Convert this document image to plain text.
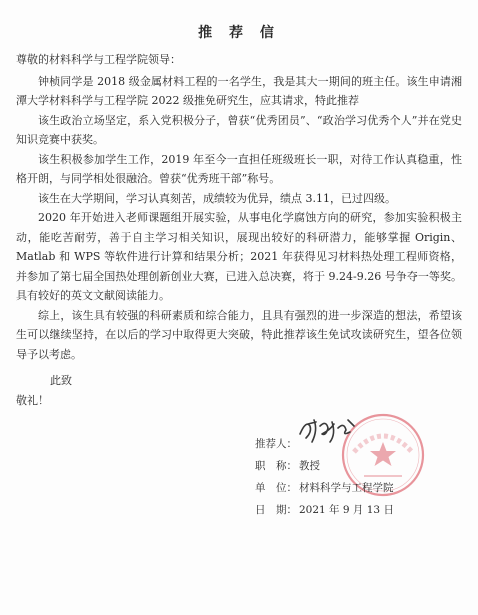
推 荐 信

尊敬的材料科学与工程学院领导：

钟桢同学是 2018 级金属材料工程的一名学生，我是其大一期间的班主任。该生申请湘潭大学材料科学与工程学院 2022 级推免研究生，应其请求，特此推荐

该生政治立场坚定，系入党积极分子，曾获“优秀团员”、“政治学习优秀个人”并在党史知识竞赛中获奖。

该生积极参加学生工作，2019 年至今一直担任班级班长一职，对待工作认真稳重，性格开朗，与同学相处很融洽。曾获“优秀班干部”称号。

该生在大学期间，学习认真刻苦，成绩较为优异，绩点 3.11，已过四级。

2020 年开始进入老师课题组开展实验，从事电化学腐蚀方向的研究，参加实验积极主动，能吃苦耐劳，善于自主学习相关知识，展现出较好的科研潜力，能够掌握 Origin、Matlab 和 WPS 等软件进行计算和结果分析；2021 年获得见习材料热处理工程师资格，并参加了第七届全国热处理创新创业大赛，已进入总决赛，将于 9.24-9.26 号争夺一等奖。具有较好的英文文献阅读能力。

综上，该生具有较强的科研素质和综合能力，且具有强烈的进一步深造的想法，希望该生可以继续坚持，在以后的学习中取得更大突破，特此推荐该生免试攻读研究生，望各位领导予以考虑。

此致
敬礼！
推荐人：
职　称： 教授
单　位： 材料科学与工程学院
日　期： 2021 年 9 月 13 日
